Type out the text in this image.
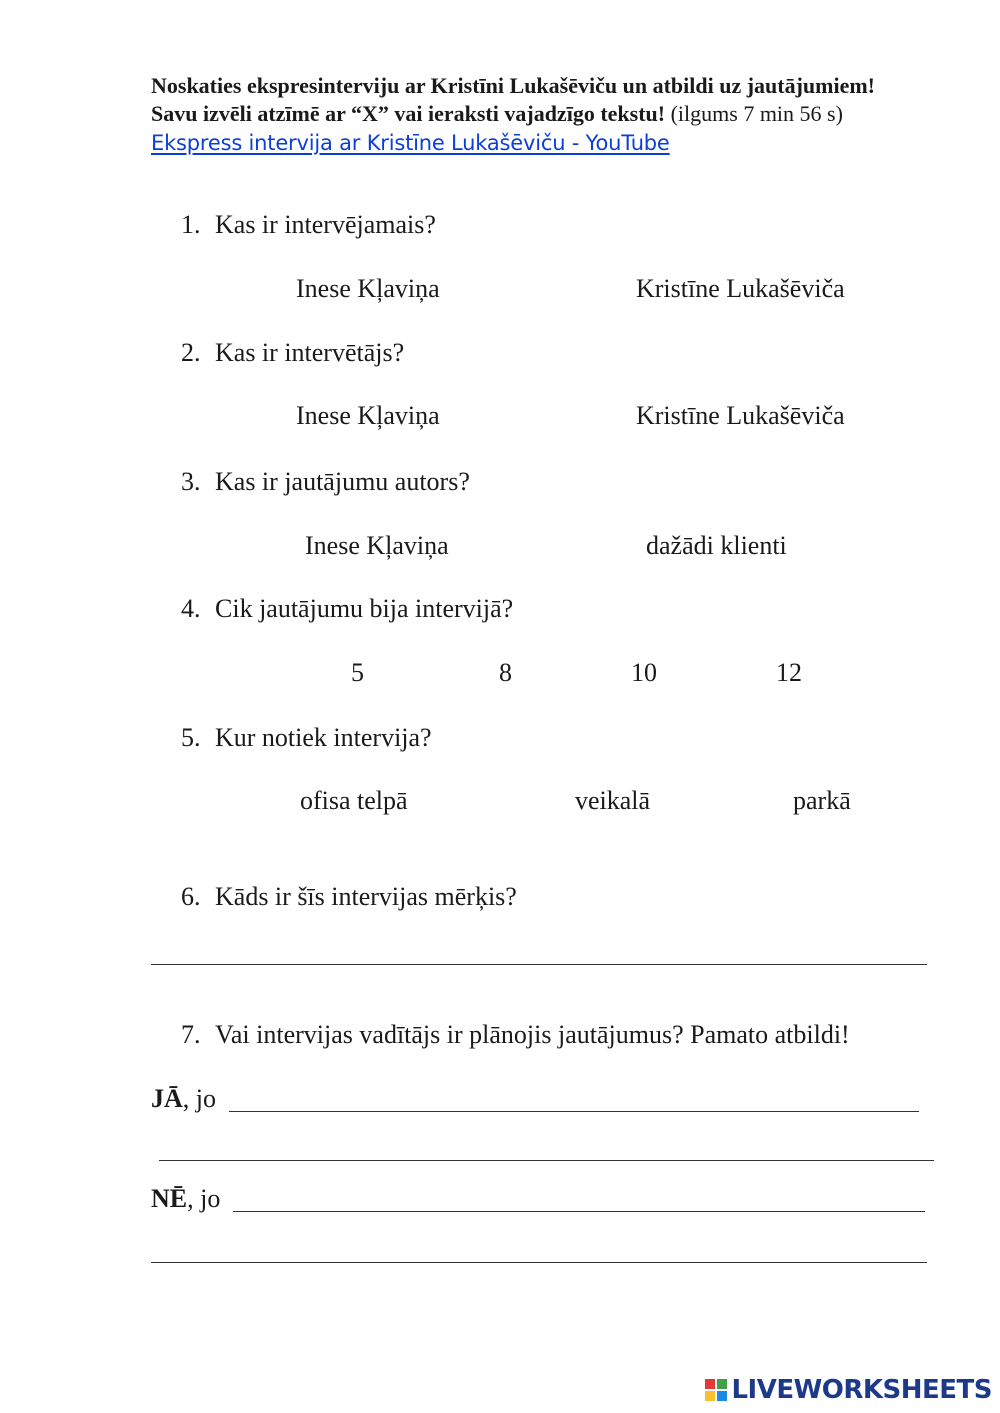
Noskaties ekspresinterviju ar Kristīni Lukašēviču un atbildi uz jautājumiem!
Savu izvēli atzīmē ar “X” vai ieraksti vajadzīgo tekstu! (ilgums 7 min 56 s)
Ekspress intervija ar Kristīne Lukašēviču - YouTube
1. Kas ir intervējamais?
Inese Kļaviņa	Kristīne Lukašēviča
2. Kas ir intervētājs?
Inese Kļaviņa	Kristīne Lukašēviča
3. Kas ir jautājumu autors?
Inese Kļaviņa	dažādi klienti
4. Cik jautājumu bija intervijā?
5	8	10	12
5. Kur notiek intervija?
ofisa telpā	veikalā	parkā
6. Kāds ir šīs intervijas mērķis?
7. Vai intervijas vadītājs ir plānojis jautājumus? Pamato atbildi!
JĀ, jo
NĒ, jo
LIVEWORKSHEETS
